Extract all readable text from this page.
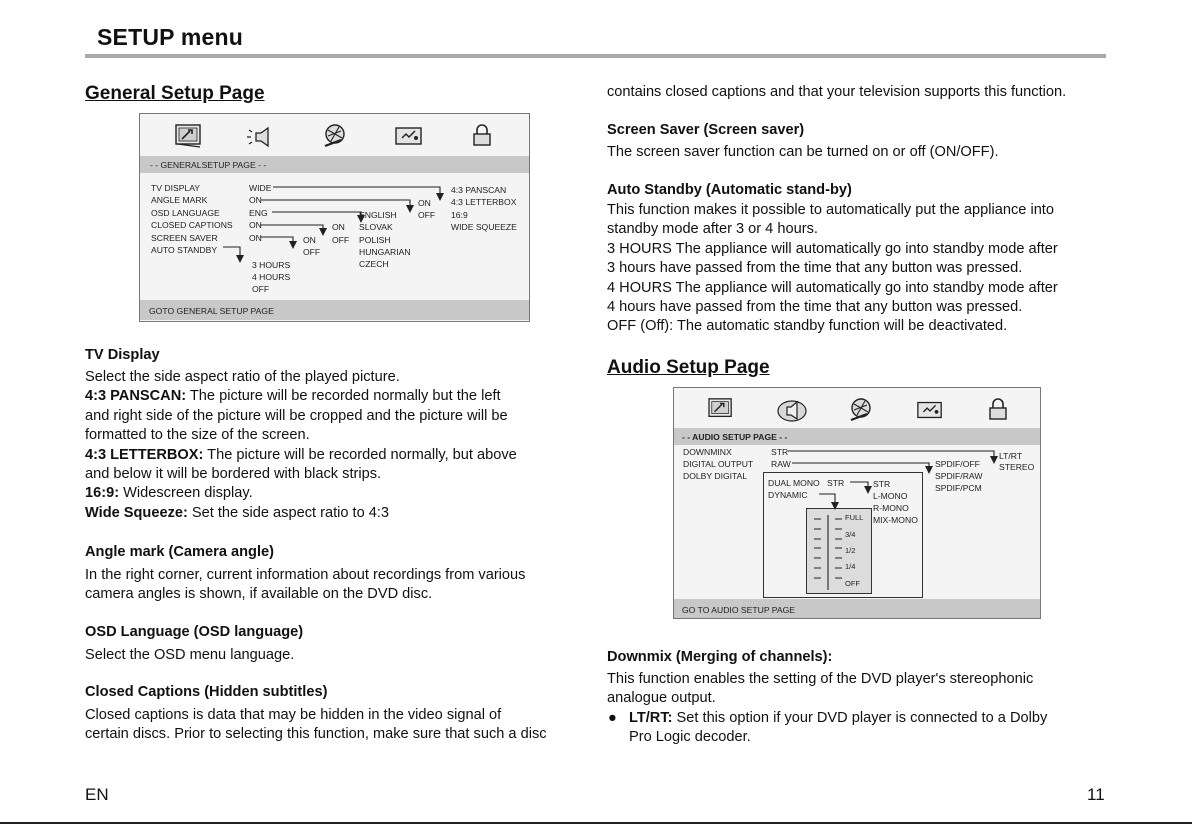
SETUP menu
General Setup Page
- - GENERALSETUP PAGE - -
TV DISPLAY
ANGLE MARK
OSD LANGUAGE
CLOSED CAPTIONS
SCREEN SAVER
AUTO STANDBY
WIDE
ON
ENG
ON
ON
4:3 PANSCAN
4:3 LETTERBOX
16:9
WIDE SQUEEZE
ON
OFF
ENGLISH
SLOVAK
POLISH
HUNGARIAN
CZECH
ON
OFF
ON
OFF
3 HOURS
4 HOURS
OFF
GOTO GENERAL SETUP PAGE
TV Display
Select the side aspect ratio of the played picture.
4:3 PANSCAN: The picture will be recorded normally but the left
and right side of the picture will be cropped and the picture will be
formatted to the size of the screen.
4:3 LETTERBOX: The picture will be recorded normally, but above
and below it will be bordered with black strips.
16:9: Widescreen display.
Wide Squeeze: Set the side aspect ratio to 4:3
Angle mark (Camera angle)
In the right corner, current information about recordings from various
camera angles is shown, if available on the DVD disc.
OSD Language (OSD language)
Select the OSD menu language.
Closed Captions (Hidden subtitles)
Closed captions is data that may be hidden in the video signal of
certain discs. Prior to selecting this function, make sure that such a disc
contains closed captions and that your television supports this function.
Screen Saver (Screen saver)
The screen saver function can be turned on or off (ON/OFF).
Auto Standby (Automatic stand-by)
This function makes it possible to automatically put the appliance into
standby mode after 3 or 4 hours.
3 HOURS The appliance will automatically go into standby mode after
3 hours have passed from the time that any button was pressed.
4 HOURS The appliance will automatically go into standby mode after
4 hours have passed from the time that any button was pressed.
OFF (Off): The automatic standby function will be deactivated.
Audio Setup Page
- - AUDIO SETUP PAGE - -
DOWNMINX
DIGITAL OUTPUT
DOLBY DIGITAL
STR
RAW
DUAL MONO STR
DYNAMIC
STR
L-MONO
R-MONO
MIX-MONO
SPDIF/OFF
SPDIF/RAW
SPDIF/PCM
LT/RT
STEREO
FULL
3/4
1/2
1/4
OFF
GO TO AUDIO SETUP PAGE
Downmix (Merging of channels):
This function enables the setting of the DVD player's stereophonic
analogue output.
● LT/RT: Set this option if your DVD player is connected to a Dolby
Pro Logic decoder.
EN	11
